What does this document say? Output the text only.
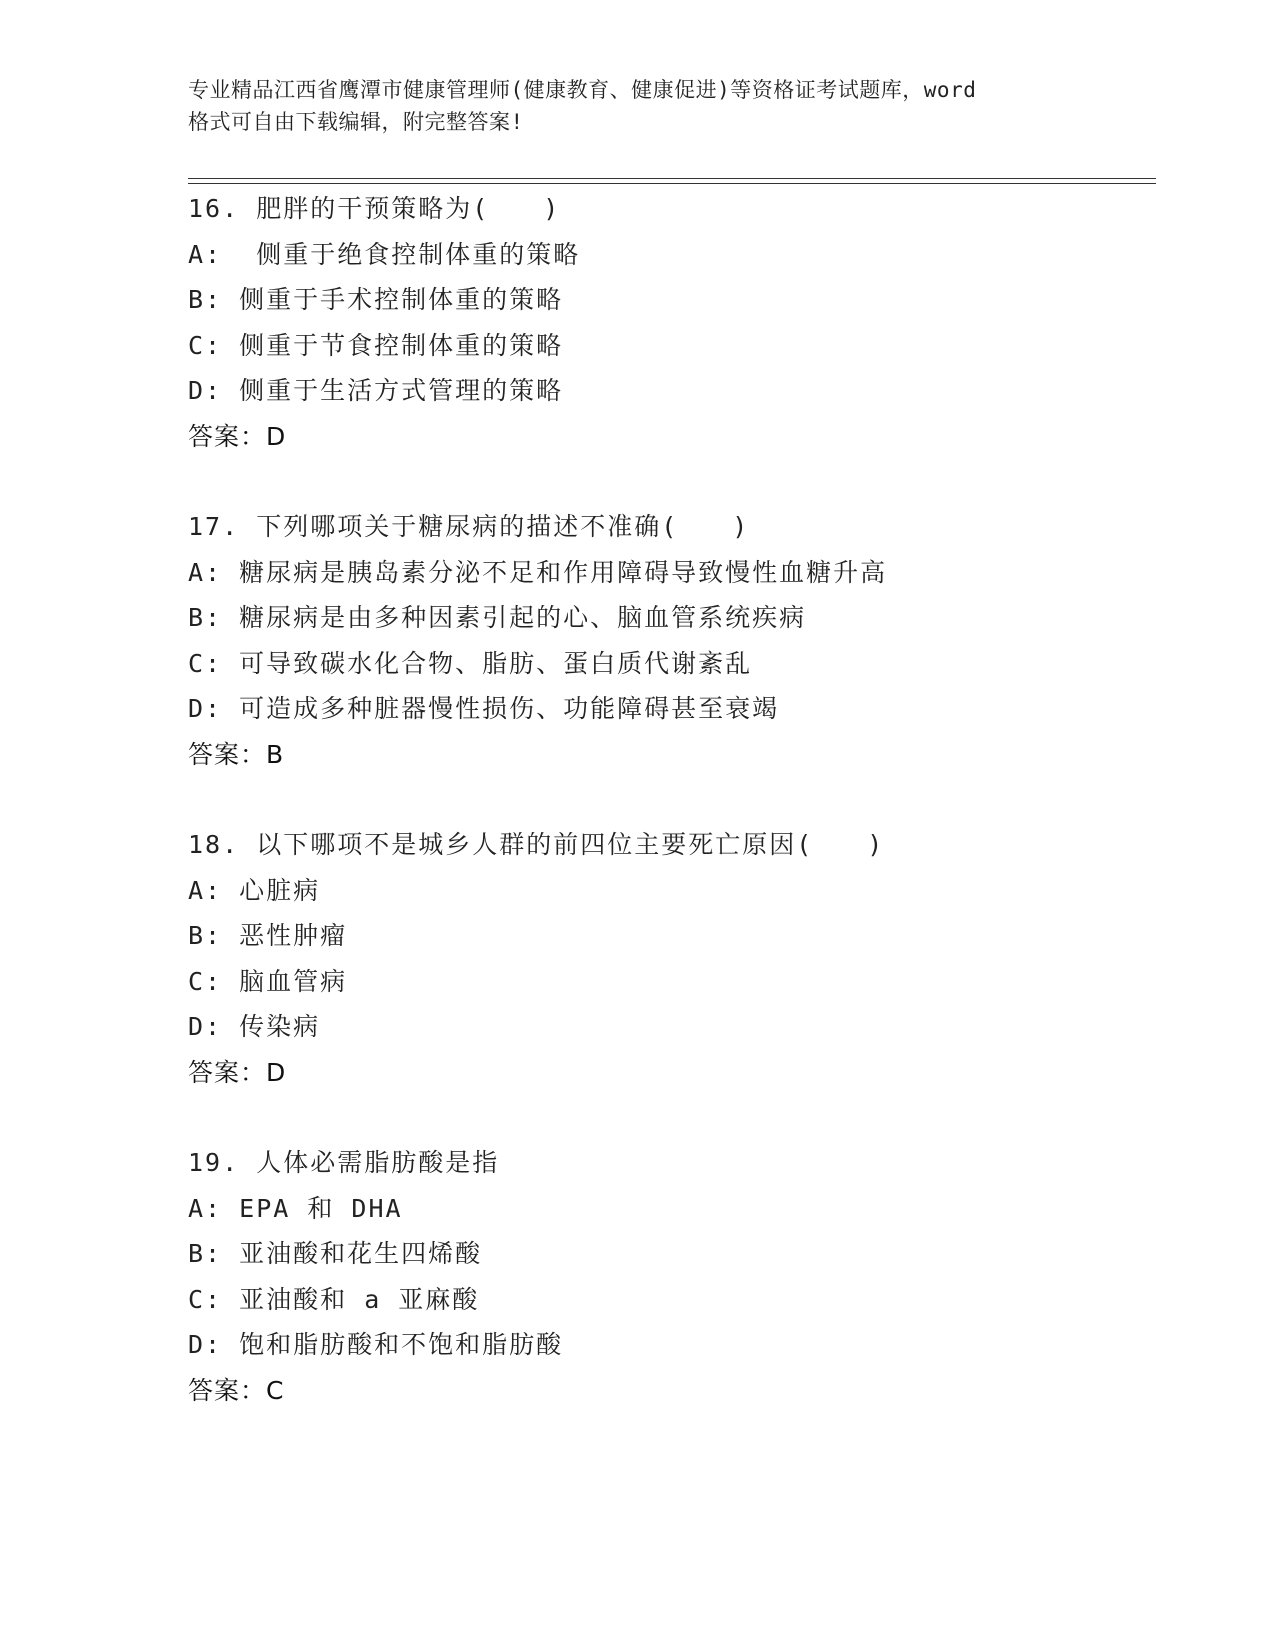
专业精品江西省鹰潭市健康管理师(健康教育、健康促进)等资格证考试题库，word
格式可自由下载编辑，附完整答案!
16. 肥胖的干预策略为(　　)
A:  侧重于绝食控制体重的策略
B: 侧重于手术控制体重的策略
C: 侧重于节食控制体重的策略
D: 侧重于生活方式管理的策略
答案：D
17. 下列哪项关于糖尿病的描述不准确(　　)
A: 糖尿病是胰岛素分泌不足和作用障碍导致慢性血糖升高
B: 糖尿病是由多种因素引起的心、脑血管系统疾病
C: 可导致碳水化合物、脂肪、蛋白质代谢紊乱
D: 可造成多种脏器慢性损伤、功能障碍甚至衰竭
答案：B
18. 以下哪项不是城乡人群的前四位主要死亡原因(　　)
A: 心脏病
B: 恶性肿瘤
C: 脑血管病
D: 传染病
答案：D
19. 人体必需脂肪酸是指
A: EPA 和 DHA
B: 亚油酸和花生四烯酸
C: 亚油酸和 a 亚麻酸
D: 饱和脂肪酸和不饱和脂肪酸
答案：C
